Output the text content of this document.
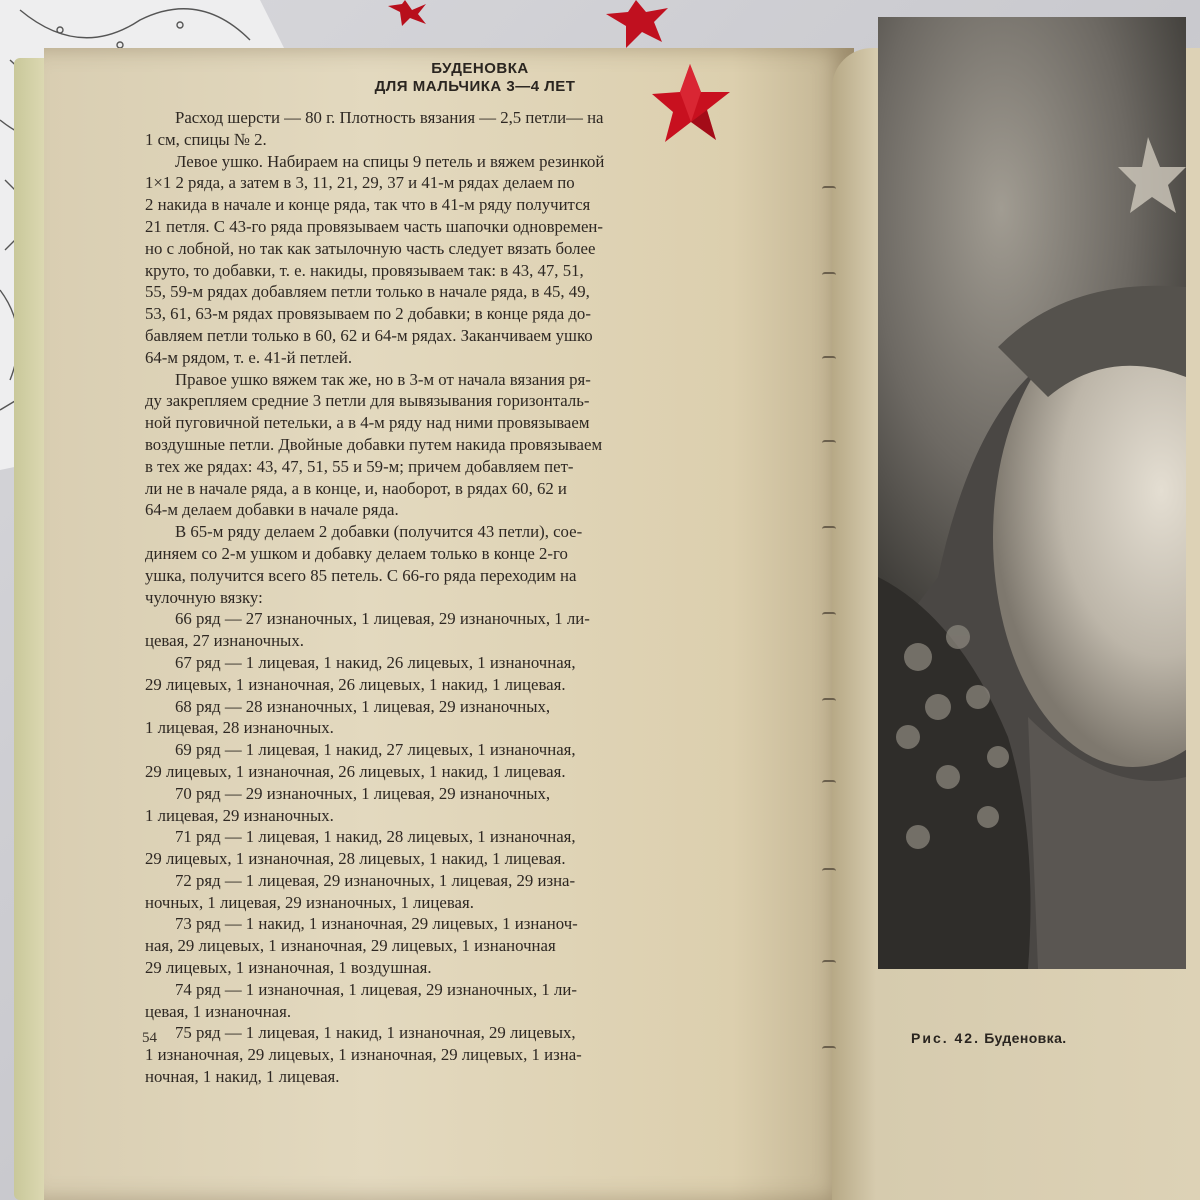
БУДЕНОВКА
ДЛЯ МАЛЬЧИКА 3—4 ЛЕТ

Расход шерсти — 80 г. Плотность вязания — 2,5 петли— на
1 см, спицы № 2.

Левое ушко. Набираем на спицы 9 петель и вяжем резинкой
1×1 2 ряда, а затем в 3, 11, 21, 29, 37 и 41-м рядах делаем по
2 накида в начале и конце ряда, так что в 41-м ряду получится
21 петля. С 43-го ряда провязываем часть шапочки одновремен-
но с лобной, но так как затылочную часть следует вязать более
круто, то добавки, т. е. накиды, провязываем так: в 43, 47, 51,
55, 59-м рядах добавляем петли только в начале ряда, в 45, 49,
53, 61, 63-м рядах провязываем по 2 добавки; в конце ряда до-
бавляем петли только в 60, 62 и 64-м рядах. Заканчиваем ушко
64-м рядом, т. е. 41-й петлей.

Правое ушко вяжем так же, но в 3-м от начала вязания ря-
ду закрепляем средние 3 петли для вывязывания горизонталь-
ной пуговичной петельки, а в 4-м ряду над ними провязываем
воздушные петли. Двойные добавки путем накида провязываем
в тех же рядах: 43, 47, 51, 55 и 59-м; причем добавляем пет-
ли не в начале ряда, а в конце, и, наоборот, в рядах 60, 62 и
64-м делаем добавки в начале ряда.

В 65-м ряду делаем 2 добавки (получится 43 петли), сое-
диняем со 2-м ушком и добавку делаем только в конце 2-го
ушка, получится всего 85 петель. С 66-го ряда переходим на
чулочную вязку:

66 ряд — 27 изнаночных, 1 лицевая, 29 изнаночных, 1 ли-
цевая, 27 изнаночных.

67 ряд — 1 лицевая, 1 накид, 26 лицевых, 1 изнаночная,
29 лицевых, 1 изнаночная, 26 лицевых, 1 накид, 1 лицевая.

68 ряд — 28 изнаночных, 1 лицевая, 29 изнаночных,
1 лицевая, 28 изнаночных.

69 ряд — 1 лицевая, 1 накид, 27 лицевых, 1 изнаночная,
29 лицевых, 1 изнаночная, 26 лицевых, 1 накид, 1 лицевая.

70 ряд — 29 изнаночных, 1 лицевая, 29 изнаночных,
1 лицевая, 29 изнаночных.

71 ряд — 1 лицевая, 1 накид, 28 лицевых, 1 изнаночная,
29 лицевых, 1 изнаночная, 28 лицевых, 1 накид, 1 лицевая.

72 ряд — 1 лицевая, 29 изнаночных, 1 лицевая, 29 изна-
ночных, 1 лицевая, 29 изнаночных, 1 лицевая.

73 ряд — 1 накид, 1 изнаночная, 29 лицевых, 1 изнаноч-
ная, 29 лицевых, 1 изнаночная, 29 лицевых, 1 изнаночная
29 лицевых, 1 изнаночная, 1 воздушная.

74 ряд — 1 изнаночная, 1 лицевая, 29 изнаночных, 1 ли-
цевая, 1 изнаночная.

75 ряд — 1 лицевая, 1 накид, 1 изнаночная, 29 лицевых,
1 изнаночная, 29 лицевых, 1 изнаночная, 29 лицевых, 1 изна-
ночная, 1 накид, 1 лицевая.

54	Рис. 42. Буденовка.
